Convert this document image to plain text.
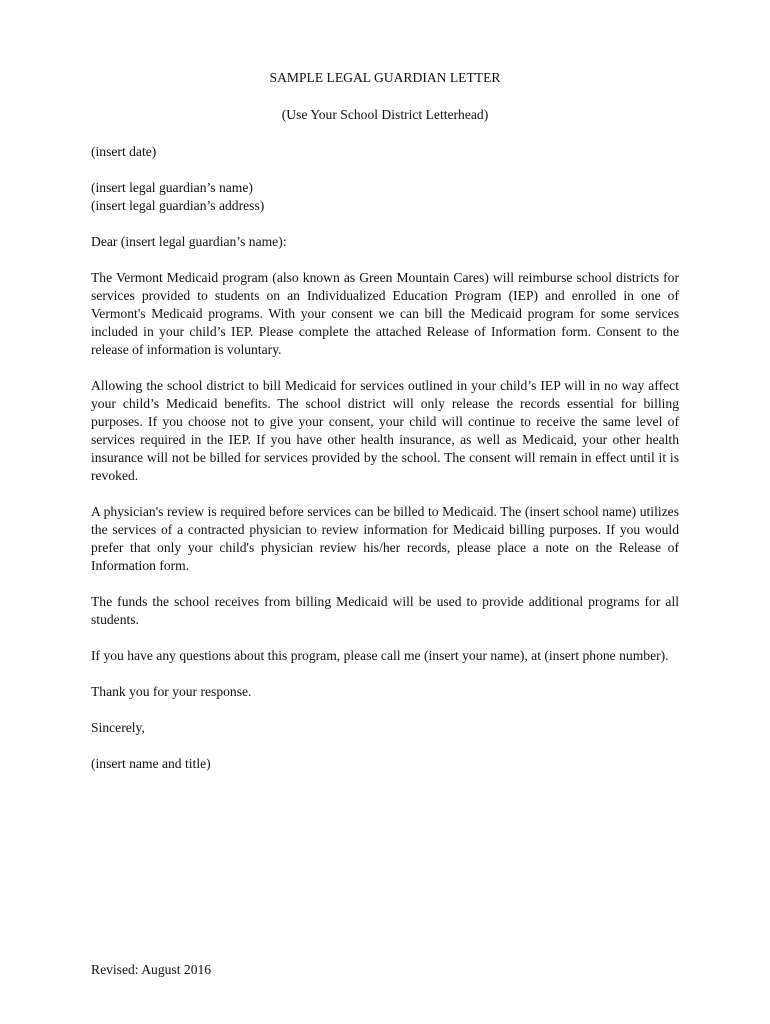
SAMPLE LEGAL GUARDIAN LETTER
(Use Your School District Letterhead)
(insert date)
(insert legal guardian’s name)
(insert legal guardian’s address)
Dear (insert legal guardian’s name):

The Vermont Medicaid program (also known as Green Mountain Cares) will reimburse school districts for services provided to students on an Individualized Education Program (IEP) and enrolled in one of Vermont's Medicaid programs. With your consent we can bill the Medicaid program for some services included in your child’s IEP. Please complete the attached Release of Information form. Consent to the release of information is voluntary.

Allowing the school district to bill Medicaid for services outlined in your child’s IEP will in no way affect your child’s Medicaid benefits. The school district will only release the records essential for billing purposes. If you choose not to give your consent, your child will continue to receive the same level of services required in the IEP. If you have other health insurance, as well as Medicaid, your other health insurance will not be billed for services provided by the school. The consent will remain in effect until it is revoked.

A physician's review is required before services can be billed to Medicaid. The (insert school name) utilizes the services of a contracted physician to review information for Medicaid billing purposes. If you would prefer that only your child's physician review his/her records, please place a note on the Release of Information form.

The funds the school receives from billing Medicaid will be used to provide additional programs for all students.

If you have any questions about this program, please call me (insert your name), at (insert phone number).

Thank you for your response.

Sincerely,
(insert name and title)
Revised: August 2016
